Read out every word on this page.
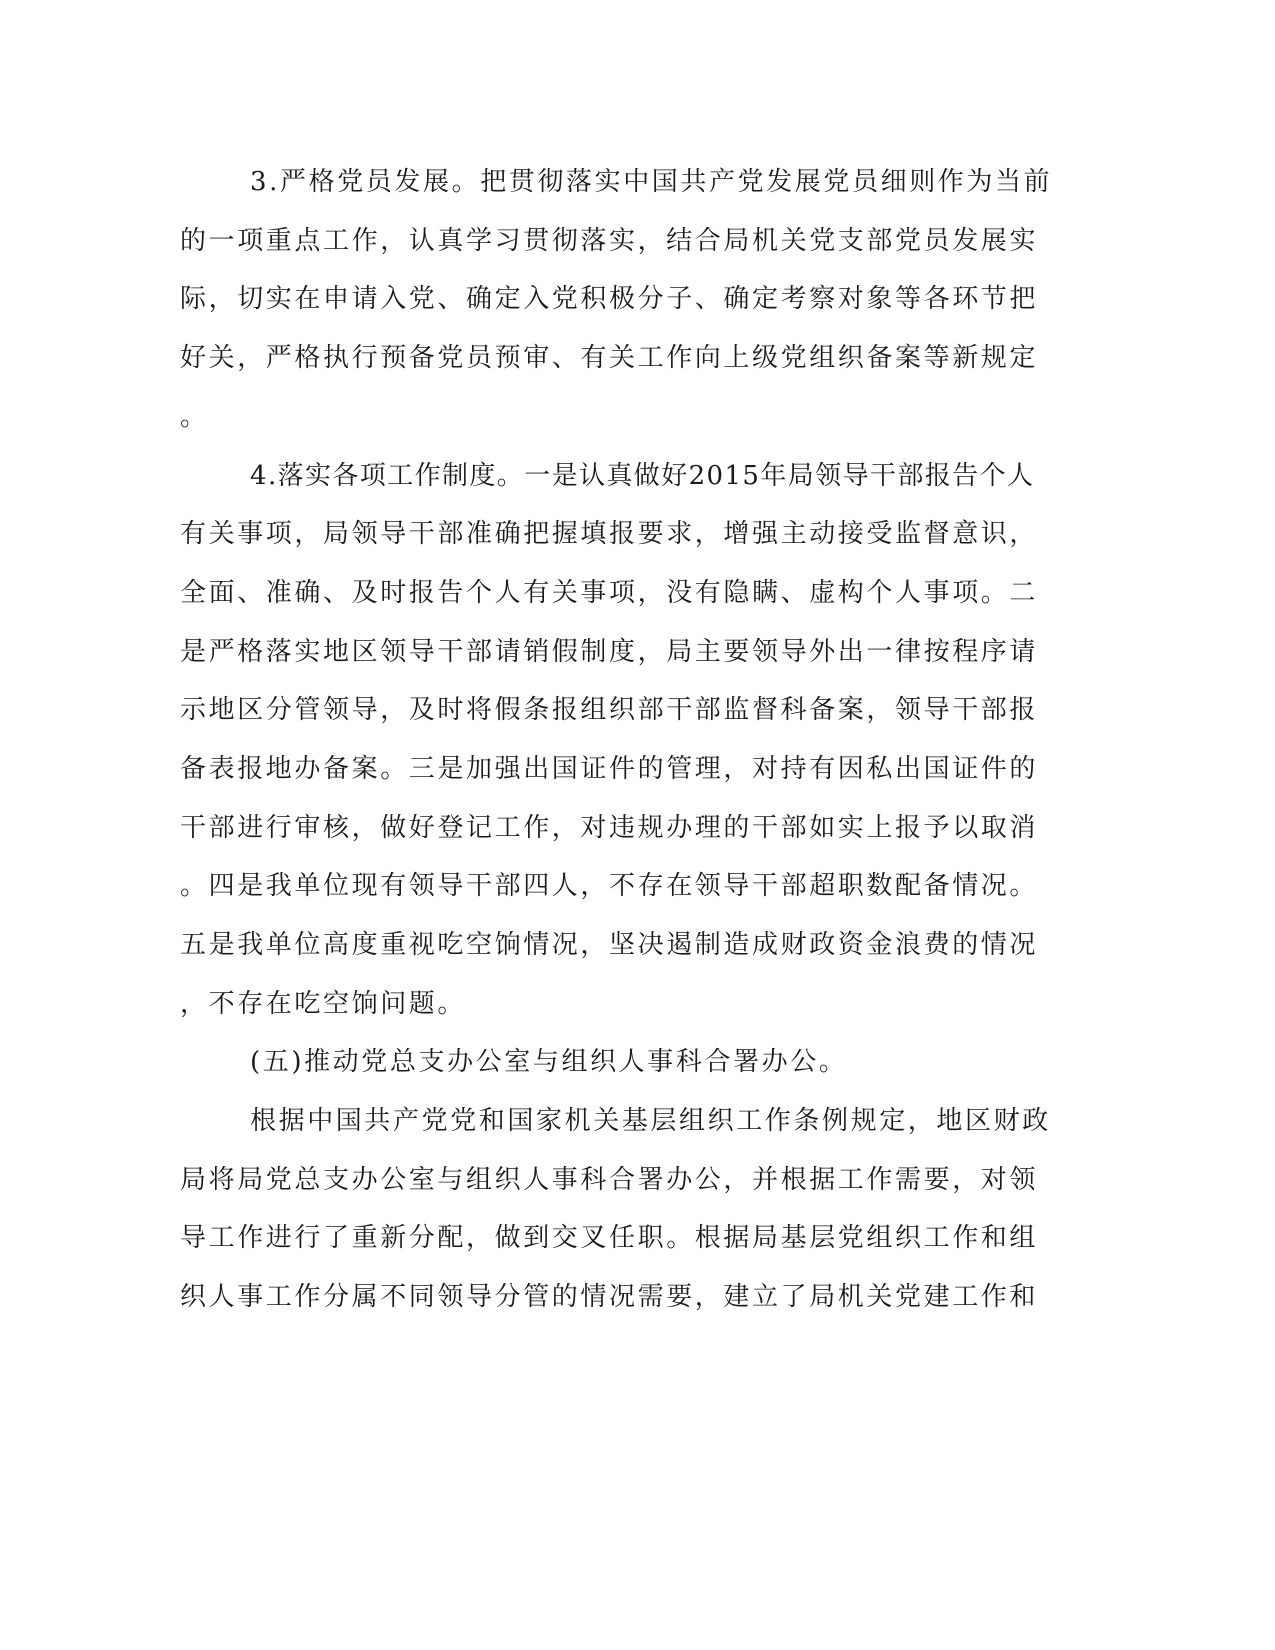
3.严格党员发展。把贯彻落实中国共产党发展党员细则作为当前
的一项重点工作，认真学习贯彻落实，结合局机关党支部党员发展实
际，切实在申请入党、确定入党积极分子、确定考察对象等各环节把
好关，严格执行预备党员预审、有关工作向上级党组织备案等新规定
。
4.落实各项工作制度。一是认真做好2015年局领导干部报告个人
有关事项，局领导干部准确把握填报要求，增强主动接受监督意识，
全面、准确、及时报告个人有关事项，没有隐瞒、虚构个人事项。二
是严格落实地区领导干部请销假制度，局主要领导外出一律按程序请
示地区分管领导，及时将假条报组织部干部监督科备案，领导干部报
备表报地办备案。三是加强出国证件的管理，对持有因私出国证件的
干部进行审核，做好登记工作，对违规办理的干部如实上报予以取消
。四是我单位现有领导干部四人，不存在领导干部超职数配备情况。
五是我单位高度重视吃空饷情况，坚决遏制造成财政资金浪费的情况
，不存在吃空饷问题。
(五)推动党总支办公室与组织人事科合署办公。
根据中国共产党党和国家机关基层组织工作条例规定，地区财政
局将局党总支办公室与组织人事科合署办公，并根据工作需要，对领
导工作进行了重新分配，做到交叉任职。根据局基层党组织工作和组
织人事工作分属不同领导分管的情况需要，建立了局机关党建工作和
